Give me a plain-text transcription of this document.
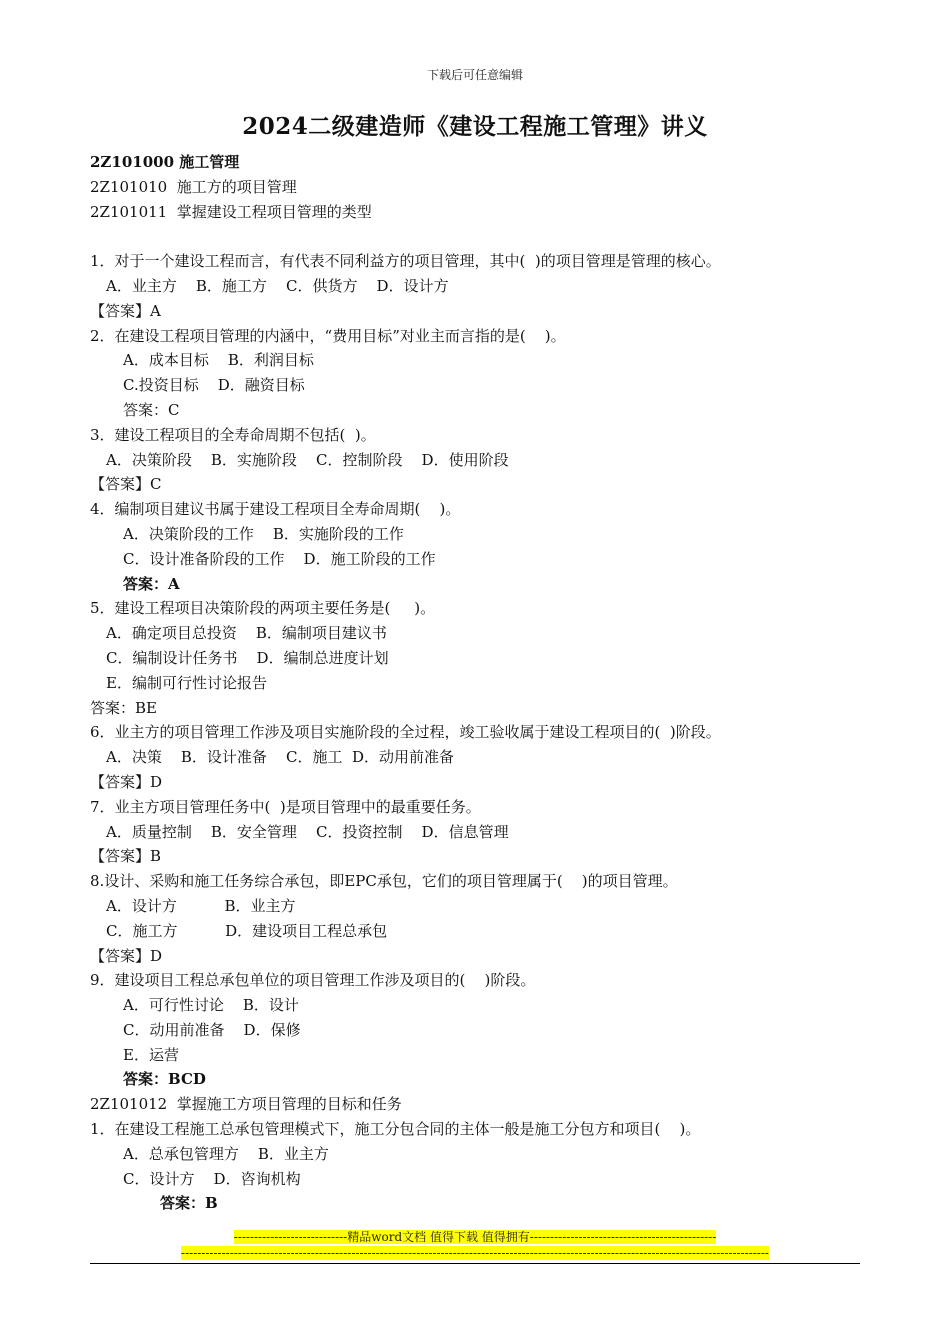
下载后可任意编辑
2024二级建造师《建设工程施工管理》讲义
2Z101000 施工管理
2Z101010  施工方的项目管理
2Z101011  掌握建设工程项目管理的类型
1．对于一个建设工程而言，有代表不同利益方的项目管理，其中(  )的项目管理是管理的核心。
A．业主方    B．施工方    C．供货方    D．设计方
【答案】A
2．在建设工程项目管理的内涵中，“费用目标”对业主而言指的是(    )。
A．成本目标    B．利润目标
C.投资目标    D．融资目标
答案：C
3．建设工程项目的全寿命周期不包括(  )。
A．决策阶段    B．实施阶段    C．控制阶段    D．使用阶段
【答案】C
4．编制项目建议书属于建设工程项目全寿命周期(    )。
A．决策阶段的工作    B．实施阶段的工作
C．设计准备阶段的工作    D．施工阶段的工作
答案：A
5．建设工程项目决策阶段的两项主要任务是(     )。
A．确定项目总投资    B．编制项目建议书
C．编制设计任务书    D．编制总进度计划
E．编制可行性讨论报告
答案：BE
6．业主方的项目管理工作涉及项目实施阶段的全过程，竣工验收属于建设工程项目的(  )阶段。
A．决策    B．设计准备    C．施工  D．动用前准备
【答案】D
7．业主方项目管理任务中(  )是项目管理中的最重要任务。
A．质量控制    B．安全管理    C．投资控制    D．信息管理
【答案】B
8.设计、采购和施工任务综合承包，即EPC承包，它们的项目管理属于(    )的项目管理。
A．设计方          B．业主方
C．施工方          D．建设项目工程总承包
【答案】D
9．建设项目工程总承包单位的项目管理工作涉及项目的(    )阶段。
A．可行性讨论    B．设计
C．动用前准备    D．保修
E．运营
答案：BCD
2Z101012  掌握施工方项目管理的目标和任务
1．在建设工程施工总承包管理模式下，施工分包合同的主体一般是施工分包方和项目(    )。
A．总承包管理方    B．业主方
C．设计方    D．咨询机构
答案：B
----------------------------精品word文档 值得下载 值得拥有----------------------------------------------
-------------------------------------------------------------------------------------------------------------------------------------------------
